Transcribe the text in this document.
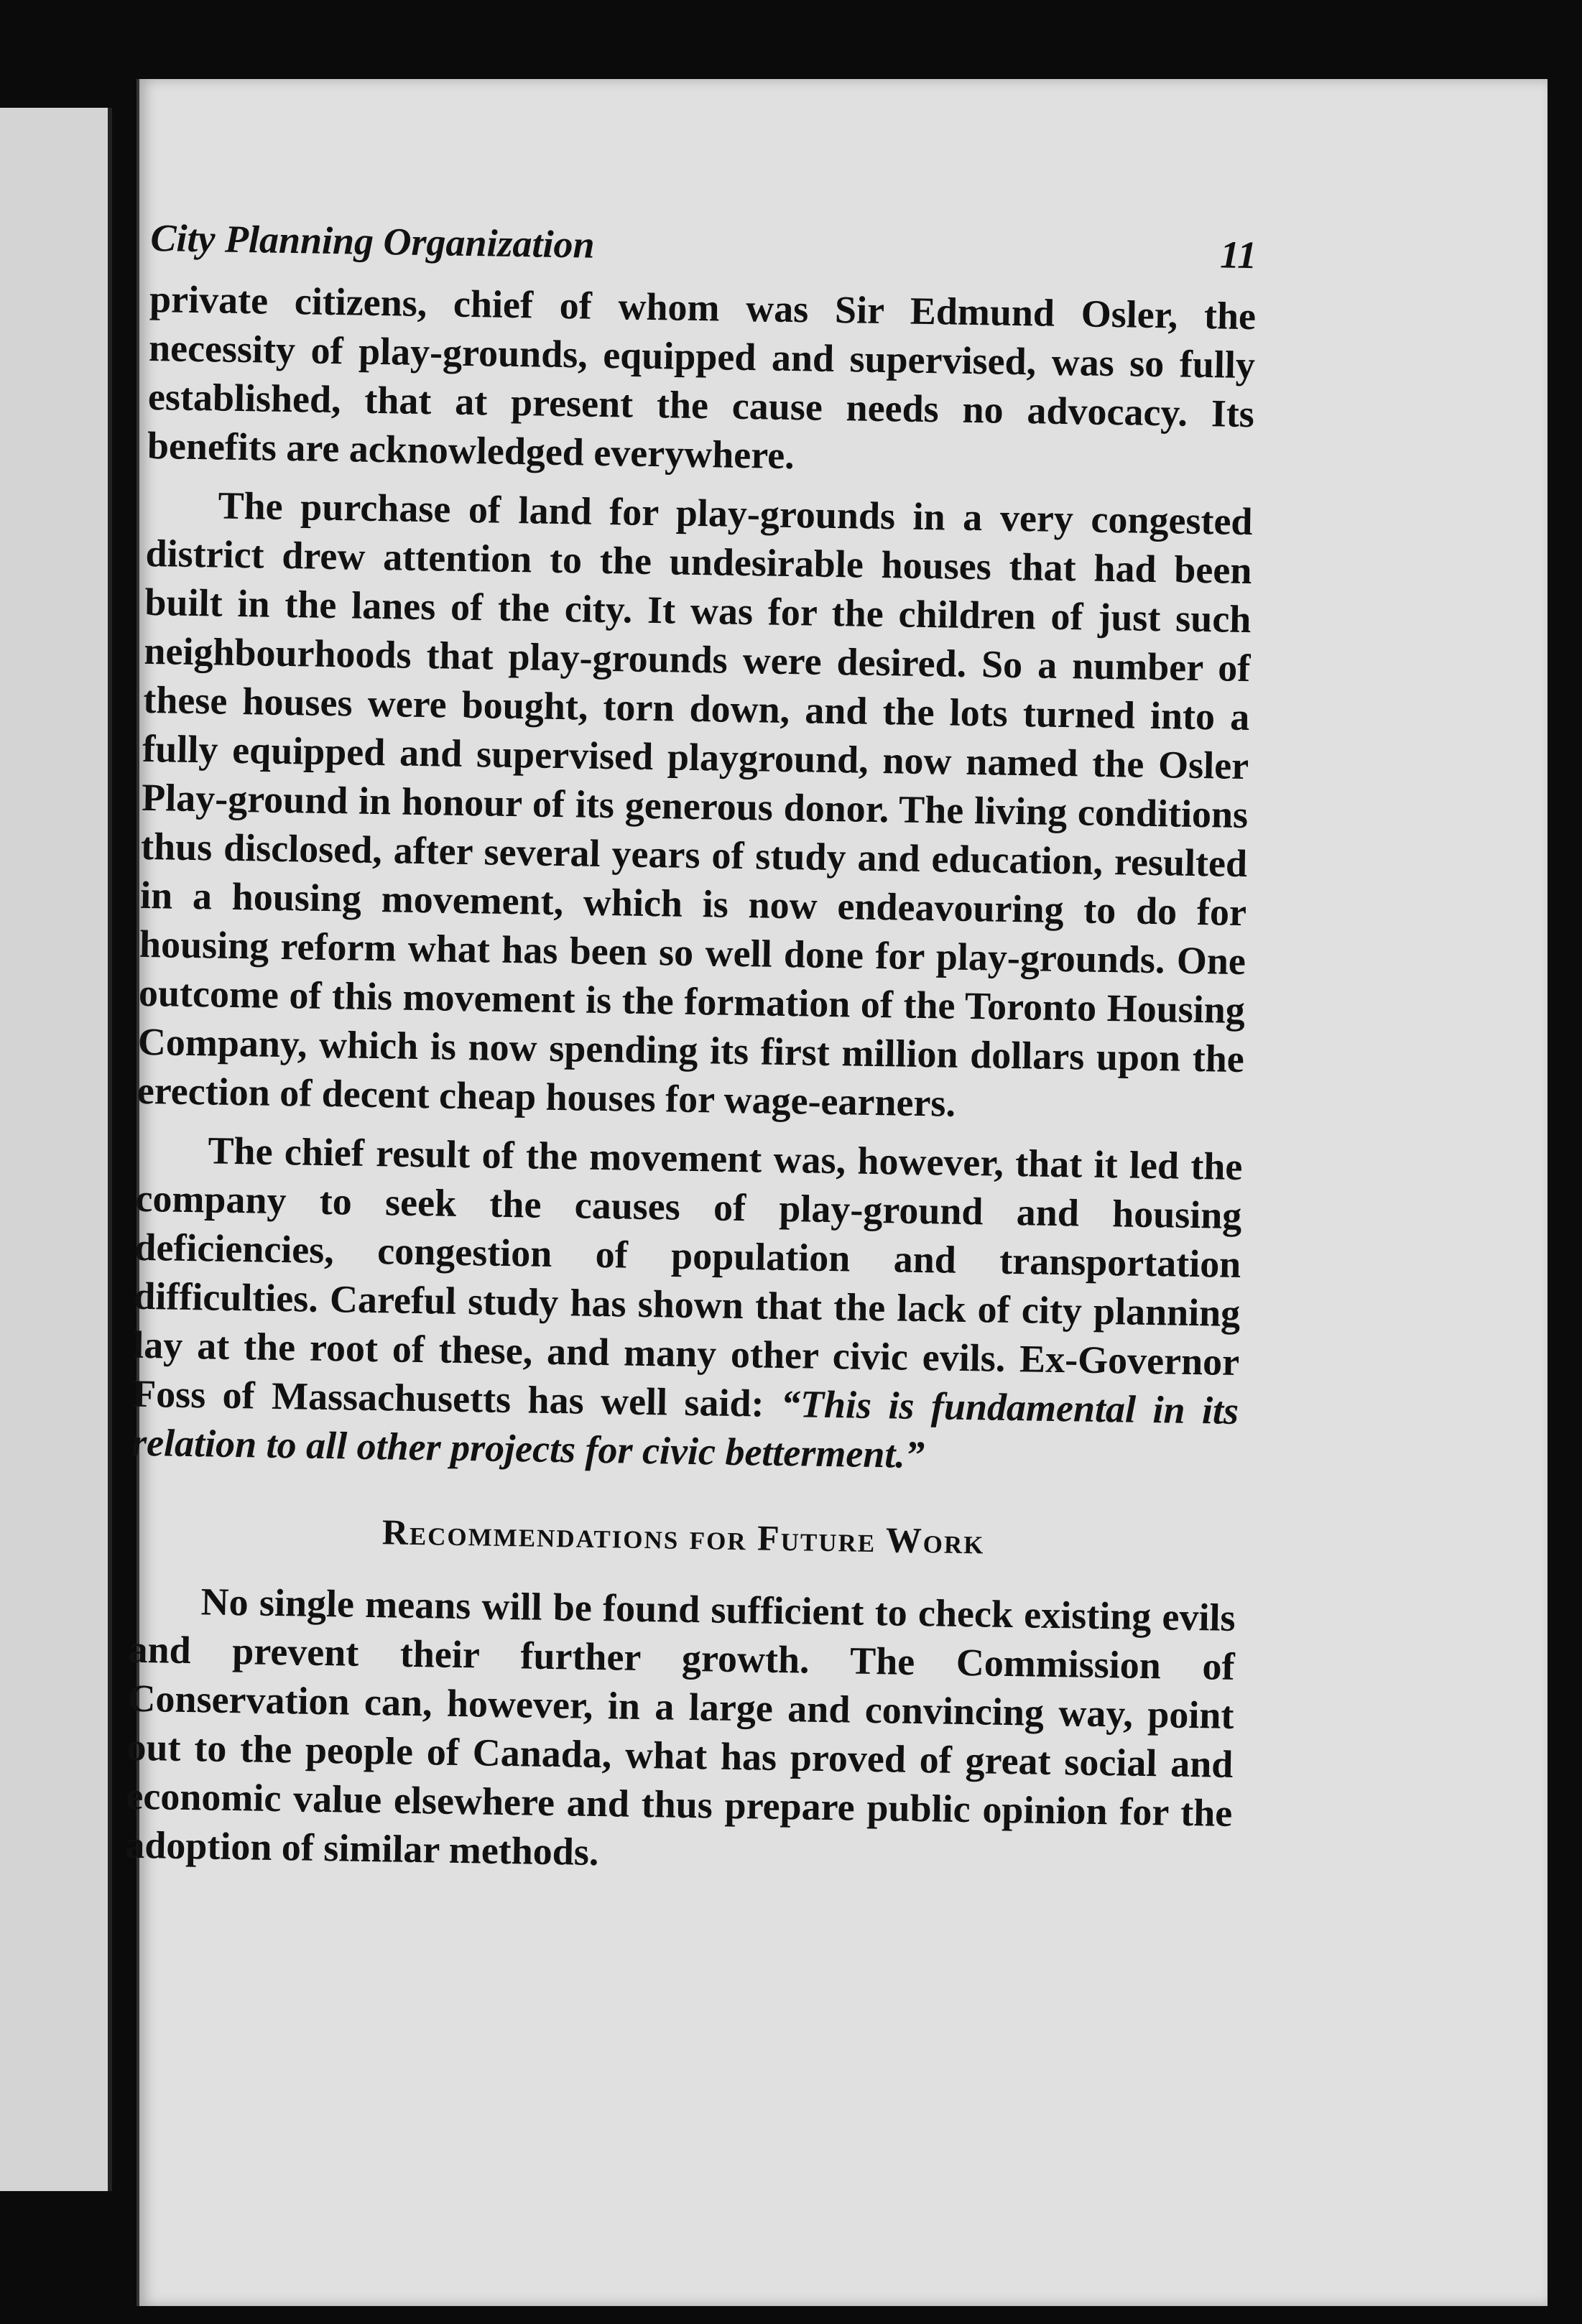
City Planning Organization	11

private citizens, chief of whom was Sir Edmund Osler, the necessity of play-grounds, equipped and supervised, was so fully established, that at present the cause needs no advocacy. Its benefits are acknowledged everywhere.

The purchase of land for play-grounds in a very congested district drew attention to the undesirable houses that had been built in the lanes of the city. It was for the children of just such neighbourhoods that play-grounds were desired. So a number of these houses were bought, torn down, and the lots turned into a fully equipped and supervised playground, now named the Osler Play-ground in honour of its generous donor. The living conditions thus disclosed, after several years of study and education, resulted in a housing movement, which is now endeavouring to do for housing reform what has been so well done for play-grounds. One outcome of this movement is the formation of the Toronto Housing Company, which is now spending its first million dollars upon the erection of decent cheap houses for wage-earners.

The chief result of the movement was, however, that it led the company to seek the causes of play-ground and housing deficiencies, congestion of population and transportation difficulties. Careful study has shown that the lack of city planning lay at the root of these, and many other civic evils. Ex-Governor Foss of Massachusetts has well said: “This is fundamental in its relation to all other projects for civic betterment.”

Recommendations for Future Work

No single means will be found sufficient to check existing evils and prevent their further growth. The Commission of Conservation can, however, in a large and convincing way, point out to the people of Canada, what has proved of great social and economic value elsewhere and thus prepare public opinion for the adoption of similar methods.
